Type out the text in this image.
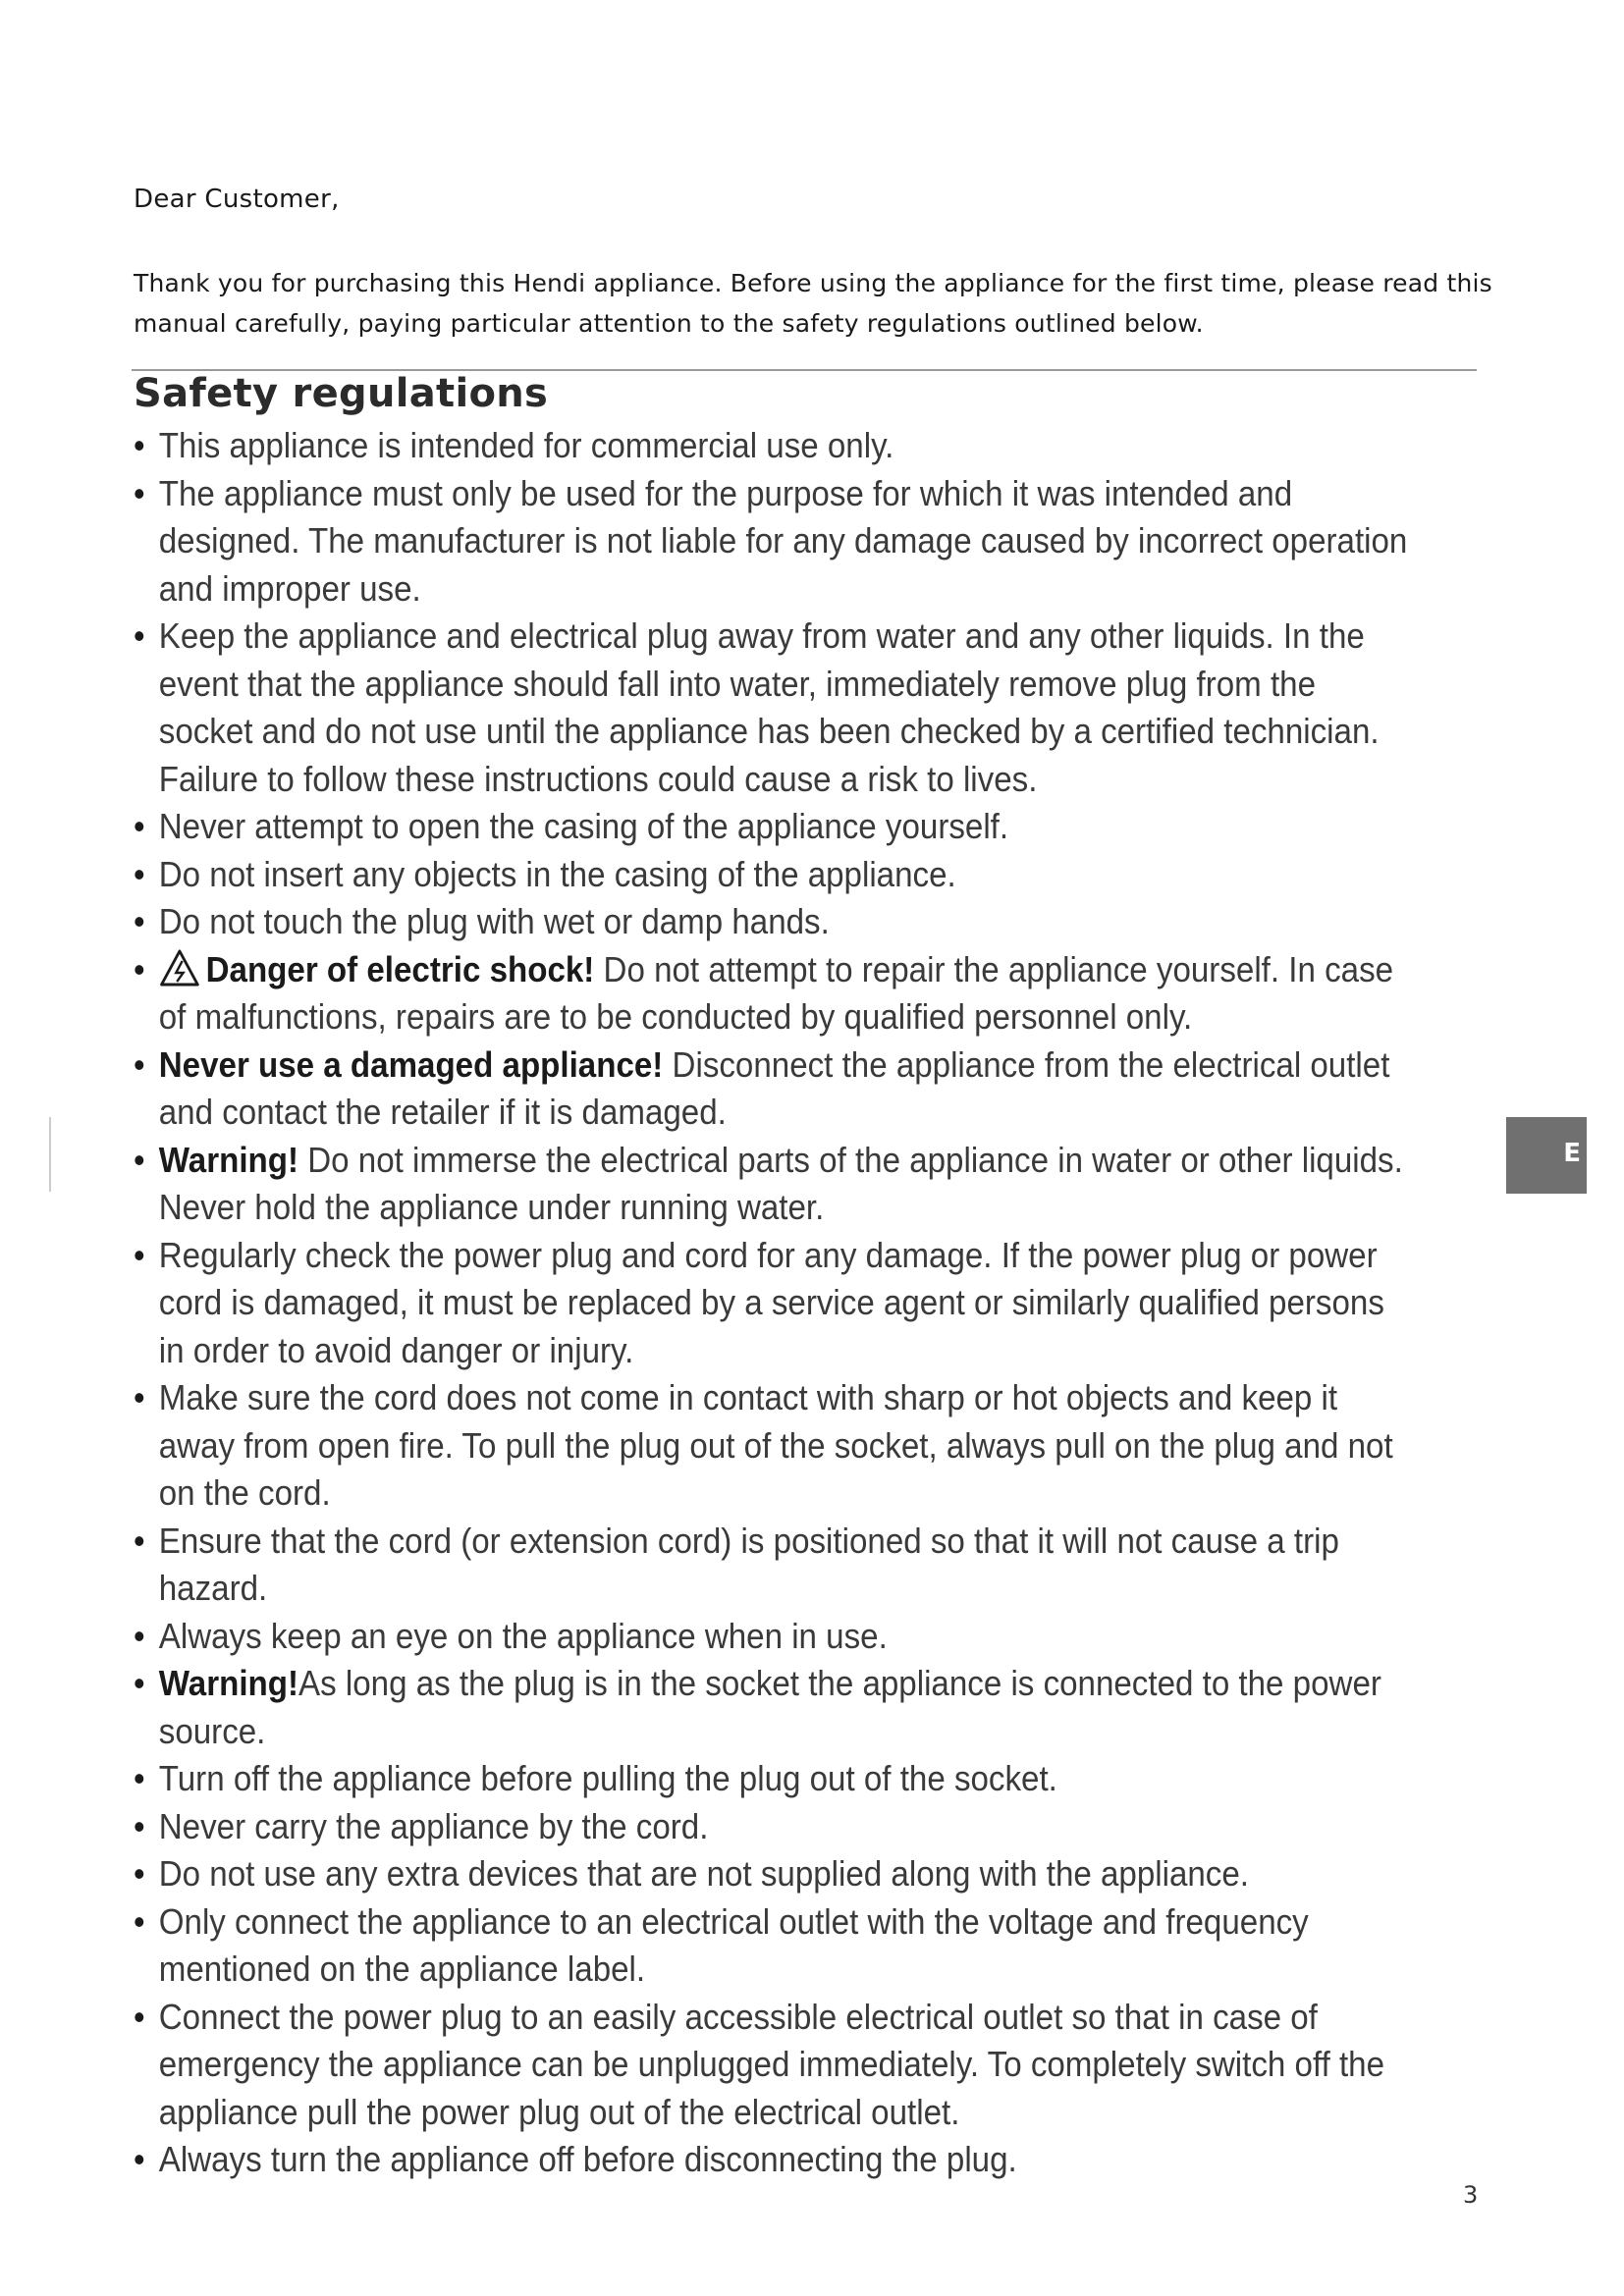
Dear Customer,
Thank you for purchasing this Hendi appliance. Before using the appliance for the first time, please read this manual carefully, paying particular attention to the safety regulations outlined below.
Safety regulations
• This appliance is intended for commercial use only.
• The appliance must only be used for the purpose for which it was intended and designed. The manufacturer is not liable for any damage caused by incorrect operation and improper use.
• Keep the appliance and electrical plug away from water and any other liquids. In the event that the appliance should fall into water, immediately remove plug from the socket and do not use until the appliance has been checked by a certified technician. Failure to follow these instructions could cause a risk to lives.
• Never attempt to open the casing of the appliance yourself.
• Do not insert any objects in the casing of the appliance.
• Do not touch the plug with wet or damp hands.
• Danger of electric shock! Do not attempt to repair the appliance yourself. In case of malfunctions, repairs are to be conducted by qualified personnel only.
• Never use a damaged appliance! Disconnect the appliance from the electrical outlet and contact the retailer if it is damaged.
• Warning! Do not immerse the electrical parts of the appliance in water or other liquids. Never hold the appliance under running water.
• Regularly check the power plug and cord for any damage. If the power plug or power cord is damaged, it must be replaced by a service agent or similarly qualified persons in order to avoid danger or injury.
• Make sure the cord does not come in contact with sharp or hot objects and keep it away from open fire. To pull the plug out of the socket, always pull on the plug and not on the cord.
• Ensure that the cord (or extension cord) is positioned so that it will not cause a trip hazard.
• Always keep an eye on the appliance when in use.
• Warning!As long as the plug is in the socket the appliance is connected to the power source.
• Turn off the appliance before pulling the plug out of the socket.
• Never carry the appliance by the cord.
• Do not use any extra devices that are not supplied along with the appliance.
• Only connect the appliance to an electrical outlet with the voltage and frequency mentioned on the appliance label.
• Connect the power plug to an easily accessible electrical outlet so that in case of emergency the appliance can be unplugged immediately. To completely switch off the appliance pull the power plug out of the electrical outlet.
• Always turn the appliance off before disconnecting the plug.
E
3
